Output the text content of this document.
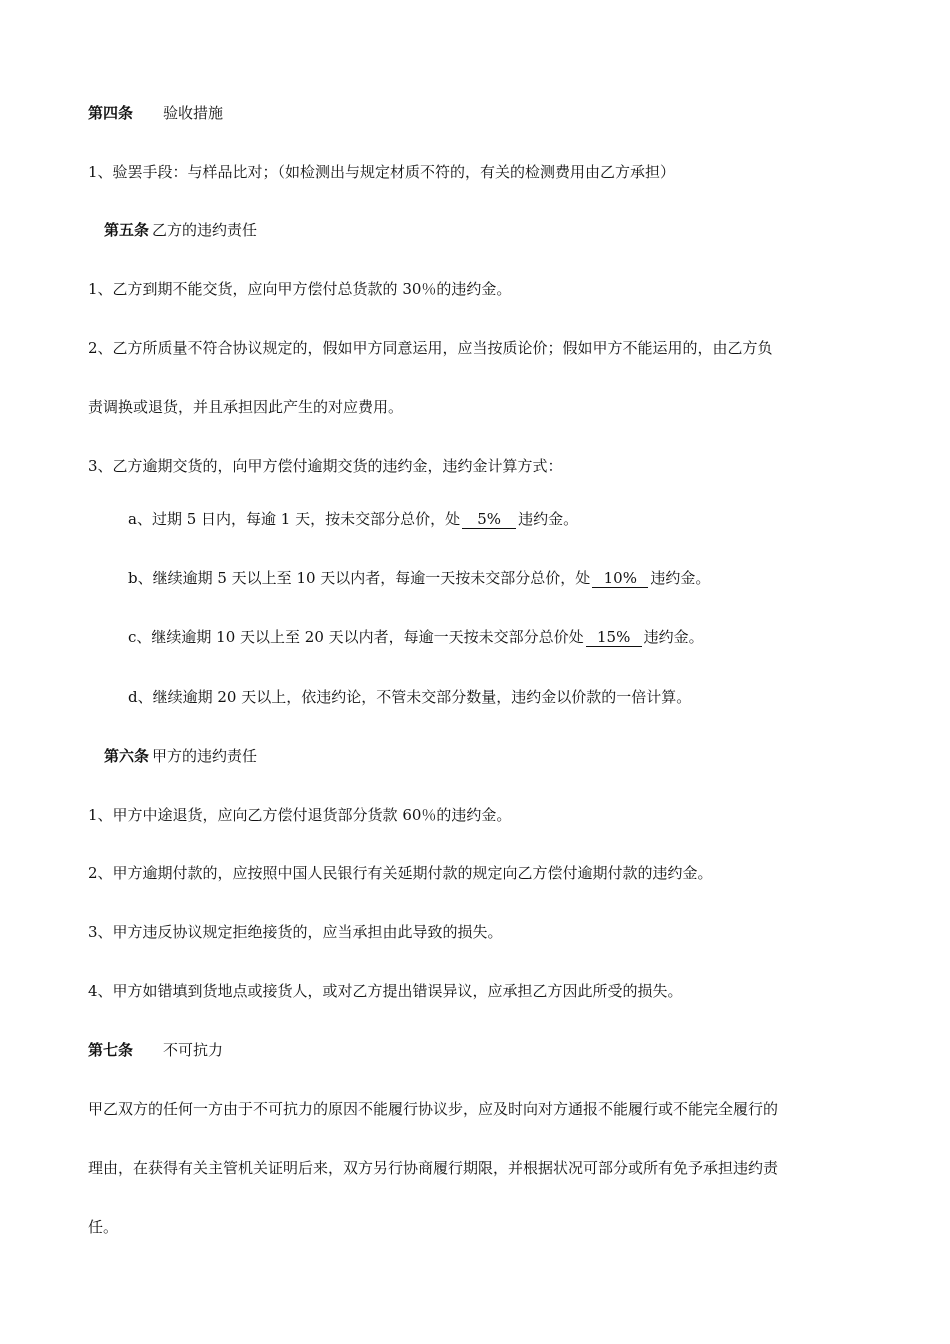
第四条 验收措施
1、验罢手段：与样品比对；（如检测出与规定材质不符的，有关的检测费用由乙方承担）
第五条 乙方的违约责任
1、乙方到期不能交货，应向甲方偿付总货款的 30％的违约金。
2、乙方所质量不符合协议规定的，假如甲方同意运用，应当按质论价；假如甲方不能运用的，由乙方负
责调换或退货，并且承担因此产生的对应费用。
3、乙方逾期交货的，向甲方偿付逾期交货的违约金，违约金计算方式：
a、过期 5 日内，每逾 1 天，按未交部分总价，处 5% 违约金。
b、继续逾期 5 天以上至 10 天以内者，每逾一天按未交部分总价，处 10% 违约金。
c、继续逾期 10 天以上至 20 天以内者，每逾一天按未交部分总价处 15% 违约金。
d、继续逾期 20 天以上，依违约论，不管未交部分数量，违约金以价款的一倍计算。
第六条 甲方的违约责任
1、甲方中途退货，应向乙方偿付退货部分货款 60％的违约金。
2、甲方逾期付款的，应按照中国人民银行有关延期付款的规定向乙方偿付逾期付款的违约金。
3、甲方违反协议规定拒绝接货的，应当承担由此导致的损失。
4、甲方如错填到货地点或接货人，或对乙方提出错误异议，应承担乙方因此所受的损失。
第七条 不可抗力
甲乙双方的任何一方由于不可抗力的原因不能履行协议步，应及时向对方通报不能履行或不能完全履行的
理由，在获得有关主管机关证明后来，双方另行协商履行期限，并根据状况可部分或所有免予承担违约责
任。
